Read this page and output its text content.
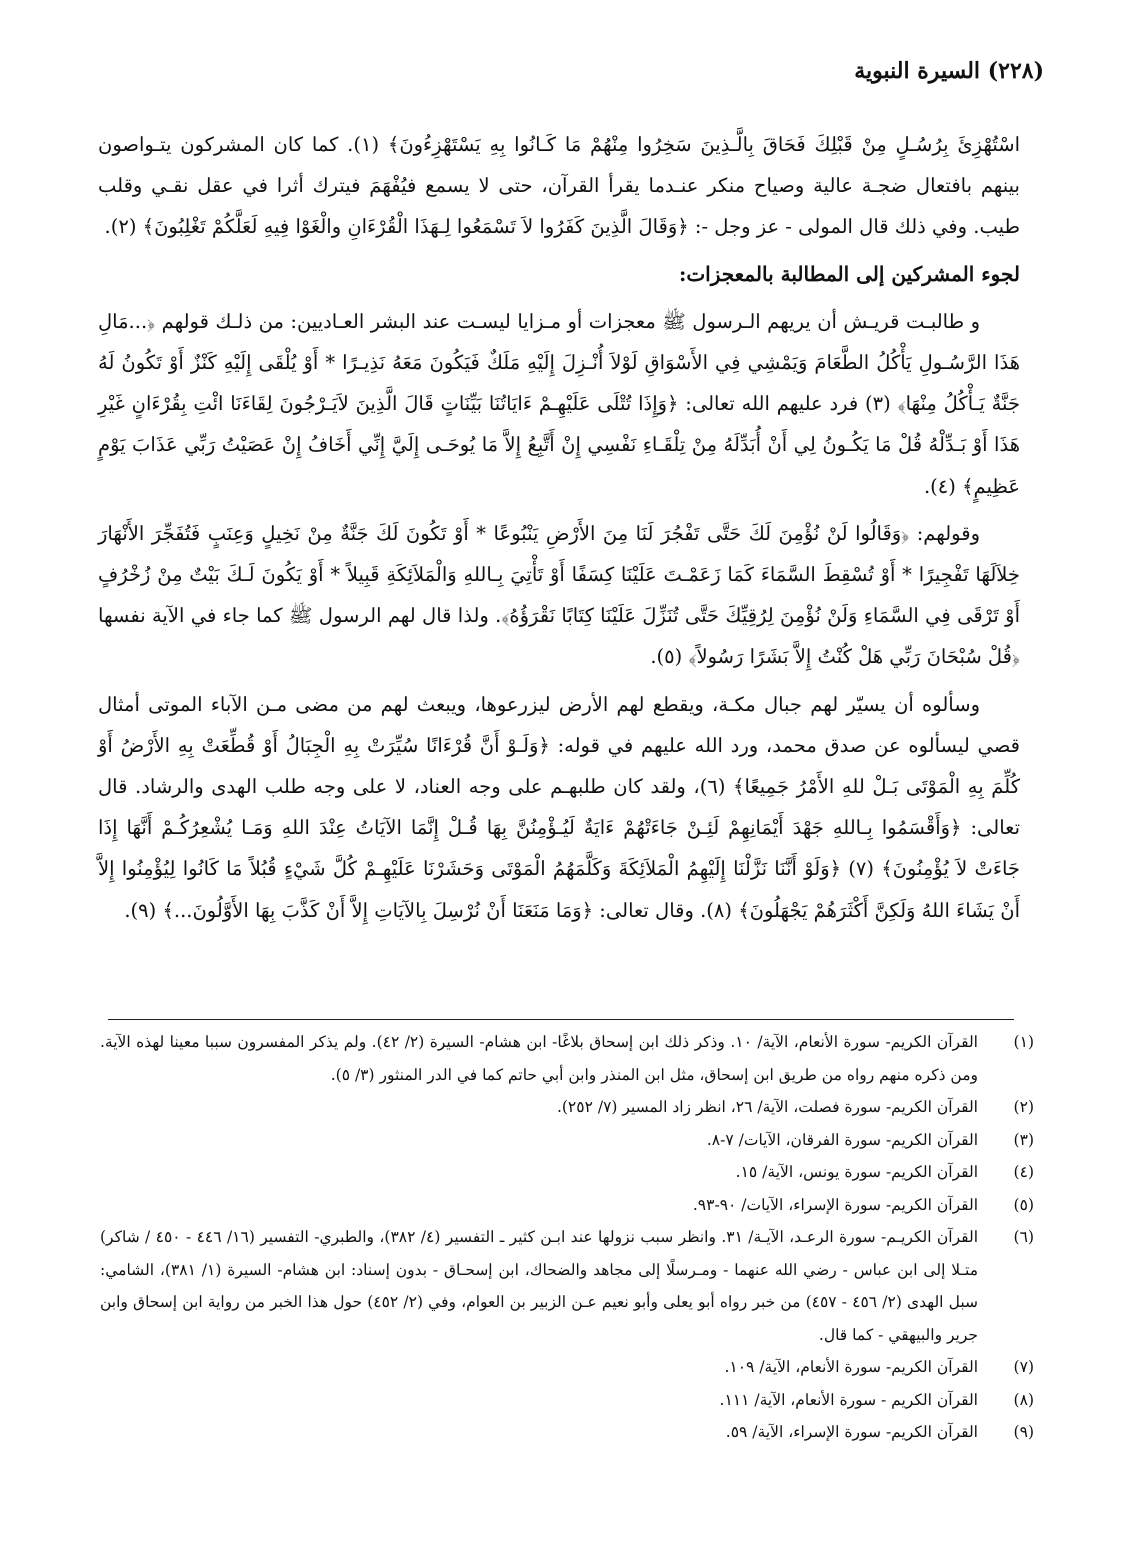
(٢٢٨) السيرة النبوية

اسْتُهْزِئَ بِرُسُـلٍ مِنْ قَبْلِكَ فَحَاقَ بِالَّـذِينَ سَخِرُوا مِنْهُمْ مَا كَـانُوا بِهِ يَسْتَهْزِءُونَ﴾ (١). كما كان المشركون يتـواصون بينهم بافتعال ضجـة عالية وصياح منكر عنـدما يقرأ القرآن، حتى لا يسمع فيُفْهَمَ فيترك أثرا في عقل نقـي وقلب طيب. وفي ذلك قال المولى - عز وجل -: ﴿وَقَالَ الَّذِينَ كَفَرُوا لاَ تَسْمَعُوا لِـهَذَا الْقُرْءَانِ والْغَوْا فِيهِ لَعَلَّكُمْ تَغْلِبُونَ﴾ (٢).

لجوء المشركين إلى المطالبة بالمعجزات:

و طالبـت قريـش أن يريهم الـرسول ﷺ معجزات أو مـزايا ليسـت عند البشر العـاديين: من ذلـك قولهم ﴿...مَالِ هَذَا الرَّسُـولِ يَأْكُلُ الطَّعَامَ وَيَمْشِي فِي الأَسْوَاقِ لَوْلاَ أُنْـزِلَ إِلَيْهِ مَلَكٌ فَيَكُونَ مَعَهُ نَذِيـرًا * أَوْ يُلْقَى إِلَيْهِ كَنْزٌ أَوْ تَكُونُ لَهُ جَنَّةٌ يَـأْكُلُ مِنْهَا﴾ (٣) فرد عليهم الله تعالى: ﴿وَإِذَا تُتْلَى عَلَيْهِـمْ ءَايَاتُنَا بَيِّنَاتٍ قَالَ الَّذِينَ لاَيَـرْجُونَ لِقَاءَنَا ائْتِ بِقُرْءَانٍ غَيْرِ هَذَا أَوْ بَـدِّلْهُ قُلْ مَا يَكُـونُ لِي أَنْ أُبَدِّلَهُ مِنْ تِلْقَـاءِ نَفْسِي إِنْ أَتَّبِعُ إِلاَّ مَا يُوحَـى إِلَيَّ إِنِّي أَخَافُ إِنْ عَصَيْتُ رَبِّي عَذَابَ يَوْمٍ عَظِيمٍ﴾ (٤).

وقولهم: ﴿وَقَالُوا لَنْ نُؤْمِنَ لَكَ حَتَّى تَفْجُرَ لَنَا مِنَ الأَرْضِ يَنْبُوعًا * أَوْ تَكُونَ لَكَ جَنَّةٌ مِنْ نَخِيلٍ وَعِنَبٍ فَتُفَجِّرَ الأَنْهَارَ خِلاَلَهَا تَفْجِيرًا * أَوْ تُسْقِطَ السَّمَاءَ كَمَا زَعَمْـتَ عَلَيْنَا كِسَفًا أَوْ تَأْتِيَ بِـاللهِ وَالْمَلاَئِكَةِ قَبِيلاً * أَوْ يَكُونَ لَـكَ بَيْتٌ مِنْ زُخْرُفٍ أَوْ تَرْقَى فِي السَّمَاءِ وَلَنْ نُؤْمِنَ لِرُقِيِّكَ حَتَّى تُنَزِّلَ عَلَيْنَا كِتَابًا نَقْرَؤُهُ﴾. ولذا قال لهم الرسول ﷺ كما جاء في الآية نفسها ﴿قُلْ سُبْحَانَ رَبِّي هَلْ كُنْتُ إِلاَّ بَشَرًا رَسُولاً﴾ (٥).

وسألوه أن يسيّر لهم جبال مكـة، ويقطع لهم الأرض ليزرعوها، ويبعث لهم من مضى مـن الآباء الموتى أمثال قصي ليسألوه عن صدق محمد، ورد الله عليهم في قوله: ﴿وَلَـوْ أَنَّ قُرْءَانًا سُيِّرَتْ بِهِ الْجِبَالُ أَوْ قُطِّعَتْ بِهِ الأَرْضُ أَوْ كُلِّمَ بِهِ الْمَوْتَى بَـلْ للهِ الأَمْرُ جَمِيعًا﴾ (٦)، ولقد كان طلبهـم على وجه العناد، لا على وجه طلب الهدى والرشاد. قال تعالى: ﴿وَأَقْسَمُوا بِـاللهِ جَهْدَ أَيْمَانِهِمْ لَئِـنْ جَاءَتْهُمْ ءَايَةٌ لَيُـؤْمِنُنَّ بِهَا قُـلْ إِنَّمَا الآيَاتُ عِنْدَ اللهِ وَمَـا يُشْعِرُكُـمْ أَنَّهَا إِذَا جَاءَتْ لاَ يُؤْمِنُونَ﴾ (٧) ﴿وَلَوْ أَنَّنَا نَزَّلْنَا إِلَيْهِمُ الْمَلاَئِكَةَ وَكَلَّمَهُمُ الْمَوْتَى وَحَشَرْنَا عَلَيْهِـمْ كُلَّ شَيْءٍ قُبُلاً مَا كَانُوا لِيُؤْمِنُوا إِلاَّ أَنْ يَشَاءَ اللهُ وَلَكِنَّ أَكْثَرَهُمْ يَجْهَلُونَ﴾ (٨). وقال تعالى: ﴿وَمَا مَنَعَنَا أَنْ نُرْسِلَ بِالآيَاتِ إِلاَّ أَنْ كَذَّبَ بِهَا الأَوَّلُونَ...﴾ (٩).

(١)
القرآن الكريم- سورة الأنعام، الآية/ ١٠. وذكر ذلك ابن إسحاق بلاغًا- ابن هشام- السيرة (٢/ ٤٢). ولم يذكر المفسرون سببا معينا لهذه الآية. ومن ذكره منهم رواه من طريق ابن إسحاق، مثل ابن المنذر وابن أبي حاتم كما في الدر المنثور (٣/ ٥).
(٢)
القرآن الكريم- سورة فصلت، الآية/ ٢٦، انظر زاد المسير (٧/ ٢٥٢).
(٣)
القرآن الكريم- سورة الفرقان، الآيات/ ٧-٨.
(٤)
القرآن الكريم- سورة يونس، الآية/ ١٥.
(٥)
القرآن الكريم- سورة الإسراء، الآيات/ ٩٠-٩٣.
(٦)
القرآن الكريـم- سورة الرعـد، الآيـة/ ٣١. وانظر سبب نزولها عند ابـن كثير ـ التفسير (٤/ ٣٨٢)، والطبري- التفسير (١٦/ ٤٤٦ - ٤٥٠ / شاكر) متـلا إلى ابن عباس - رضي الله عنهما - ومـرسلًا إلى مجاهد والضحاك، ابن إسحـاق - بدون إسناد: ابن هشام- السيرة (١/ ٣٨١)، الشامي: سبل الهدى (٢/ ٤٥٦ - ٤٥٧) من خبر رواه أبو يعلى وأبو نعيم عـن الزبير بن العوام، وفي (٢/ ٤٥٢) حول هذا الخبر من رواية ابن إسحاق وابن جرير والبيهقي - كما قال.
(٧)
القرآن الكريم- سورة الأنعام، الآية/ ١٠٩.
(٨)
القرآن الكريم - سورة الأنعام، الآية/ ١١١.
(٩)
القرآن الكريم- سورة الإسراء، الآية/ ٥٩.
